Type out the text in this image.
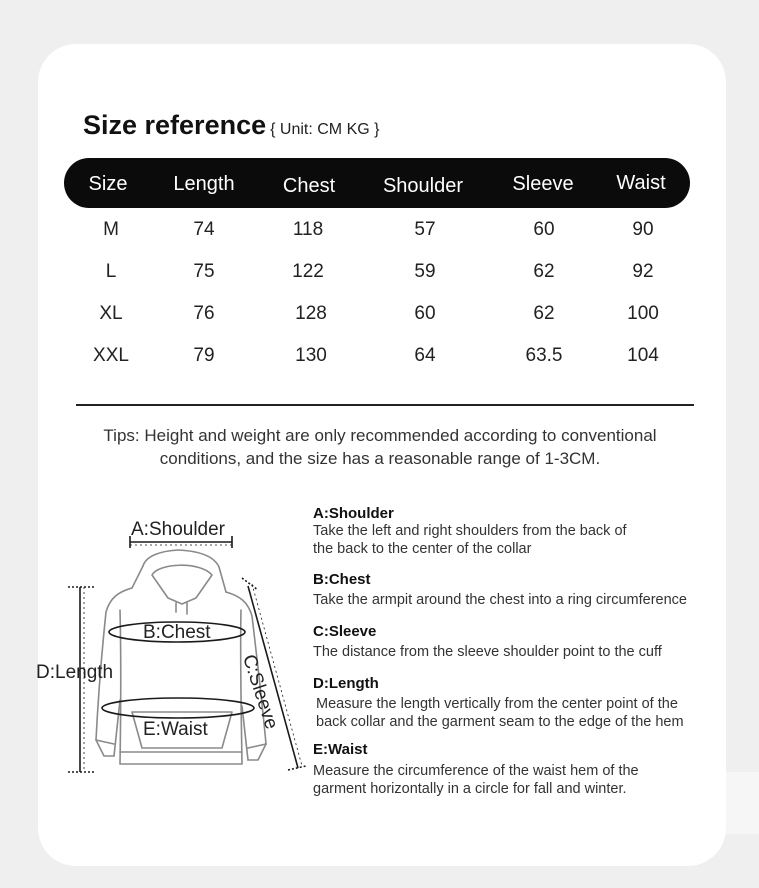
Size reference { Unit: CM KG }
Size Length Chest Shoulder Sleeve Waist
M	74	118	57	60	90
L	75	122	59	62	92
XL	76	128	60	62	100
XXL	79	130	64	63.5	104
Tips: Height and weight are only recommended according to conventional
conditions, and the size has a reasonable range of 1-3CM.
A:Shoulder
B:Chest
D:Length
E:Waist C:Sleeve
A:Shoulder
Take the left and right shoulders from the back of
the back to the center of the collar
B:Chest
Take the armpit around the chest into a ring circumference
C:Sleeve
The distance from the sleeve shoulder point to the cuff
D:Length
Measure the length vertically from the center point of the
back collar and the garment seam to the edge of the hem
E:Waist
Measure the circumference of the waist hem of the
garment horizontally in a circle for fall and winter.
